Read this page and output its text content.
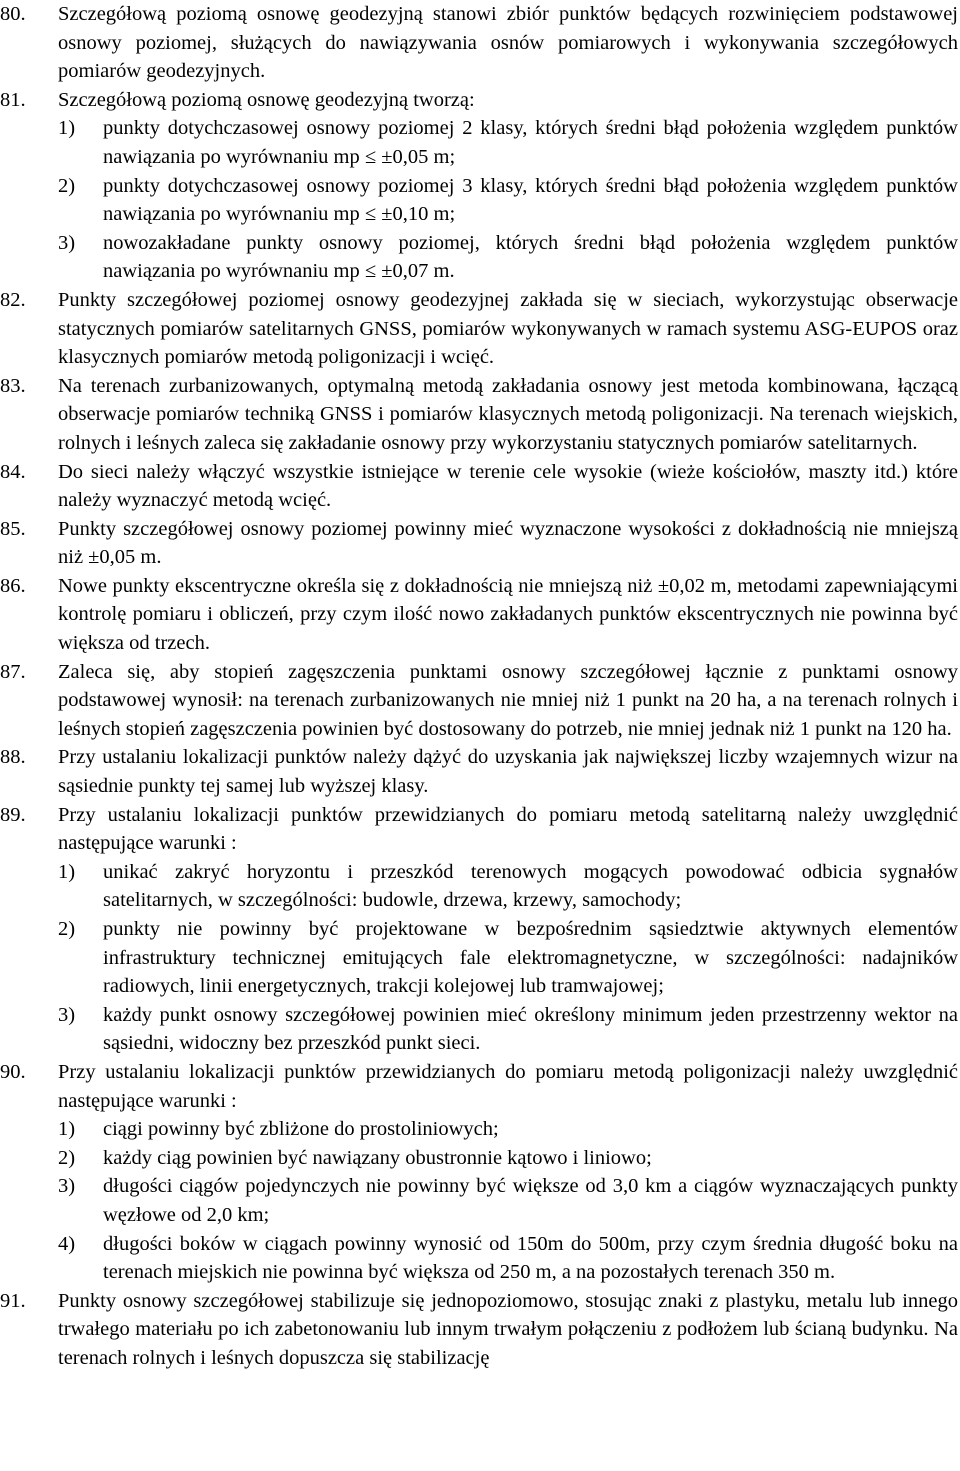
80.	Szczegółową poziomą osnowę geodezyjną stanowi zbiór punktów będących rozwinięciem podstawowej osnowy poziomej, służących do nawiązywania osnów pomiarowych i wykonywania szczegółowych pomiarów geodezyjnych.
81.	Szczegółową poziomą osnowę geodezyjną tworzą:
1)	punkty dotychczasowej osnowy poziomej 2 klasy, których średni błąd położenia względem punktów nawiązania po wyrównaniu mp ≤ ±0,05 m;
2)	punkty dotychczasowej osnowy poziomej 3 klasy, których średni błąd położenia względem punktów nawiązania po wyrównaniu mp ≤ ±0,10 m;
3)	nowozakładane punkty osnowy poziomej, których średni błąd położenia względem punktów nawiązania po wyrównaniu mp ≤ ±0,07 m.
82.	Punkty szczegółowej poziomej osnowy geodezyjnej zakłada się w sieciach, wykorzystując obserwacje statycznych pomiarów satelitarnych GNSS, pomiarów wykonywanych w ramach systemu ASG-EUPOS oraz klasycznych pomiarów metodą poligonizacji i wcięć.
83.	Na terenach zurbanizowanych, optymalną metodą zakładania osnowy jest metoda kombinowana, łączącą obserwacje pomiarów techniką GNSS i pomiarów klasycznych metodą poligonizacji. Na terenach wiejskich, rolnych i leśnych zaleca się zakładanie osnowy przy wykorzystaniu statycznych pomiarów satelitarnych.
84.	Do sieci należy włączyć wszystkie istniejące w terenie cele wysokie (wieże kościołów, maszty itd.) które należy wyznaczyć metodą wcięć.
85.	Punkty szczegółowej osnowy poziomej powinny mieć wyznaczone wysokości z dokładnością nie mniejszą niż ±0,05 m.
86.	Nowe punkty ekscentryczne określa się z dokładnością nie mniejszą niż ±0,02 m, metodami zapewniającymi kontrolę pomiaru i obliczeń, przy czym ilość nowo zakładanych punktów ekscentrycznych nie powinna być większa od trzech.
87.	Zaleca się, aby stopień zagęszczenia punktami osnowy szczegółowej łącznie z punktami osnowy podstawowej wynosił: na terenach zurbanizowanych nie mniej niż 1 punkt na 20 ha, a na terenach rolnych i leśnych stopień zagęszczenia powinien być dostosowany do potrzeb, nie mniej jednak niż 1 punkt na 120 ha.
88.	Przy ustalaniu lokalizacji punktów należy dążyć do uzyskania jak największej liczby wzajemnych wizur na sąsiednie punkty tej samej lub wyższej klasy.
89.	Przy ustalaniu lokalizacji punktów przewidzianych do pomiaru metodą satelitarną należy uwzględnić następujące warunki :
1)	unikać zakryć horyzontu i przeszkód terenowych mogących powodować odbicia sygnałów satelitarnych, w szczególności: budowle, drzewa, krzewy, samochody;
2)	punkty nie powinny być projektowane w bezpośrednim sąsiedztwie aktywnych elementów infrastruktury technicznej emitujących fale elektromagnetyczne, w szczególności: nadajników radiowych, linii energetycznych, trakcji kolejowej lub tramwajowej;
3)	każdy punkt osnowy szczegółowej powinien mieć określony minimum jeden przestrzenny wektor na sąsiedni, widoczny bez przeszkód punkt sieci.
90.	Przy ustalaniu lokalizacji punktów przewidzianych do pomiaru metodą poligonizacji należy uwzględnić następujące warunki :
1)	ciągi powinny być zbliżone do prostoliniowych;
2)	każdy ciąg powinien być nawiązany obustronnie kątowo i liniowo;
3)	długości ciągów pojedynczych nie powinny być większe od 3,0 km a ciągów wyznaczających punkty węzłowe od 2,0 km;
4)	długości boków w ciągach powinny wynosić od 150m do 500m, przy czym średnia długość boku na terenach miejskich nie powinna być większa od 250 m, a na pozostałych terenach 350 m.
91.	Punkty osnowy szczegółowej stabilizuje się jednopoziomowo, stosując znaki z plastyku, metalu lub innego trwałego materiału po ich zabetonowaniu lub innym trwałym połączeniu z podłożem lub ścianą budynku. Na terenach rolnych i leśnych dopuszcza się stabilizację
